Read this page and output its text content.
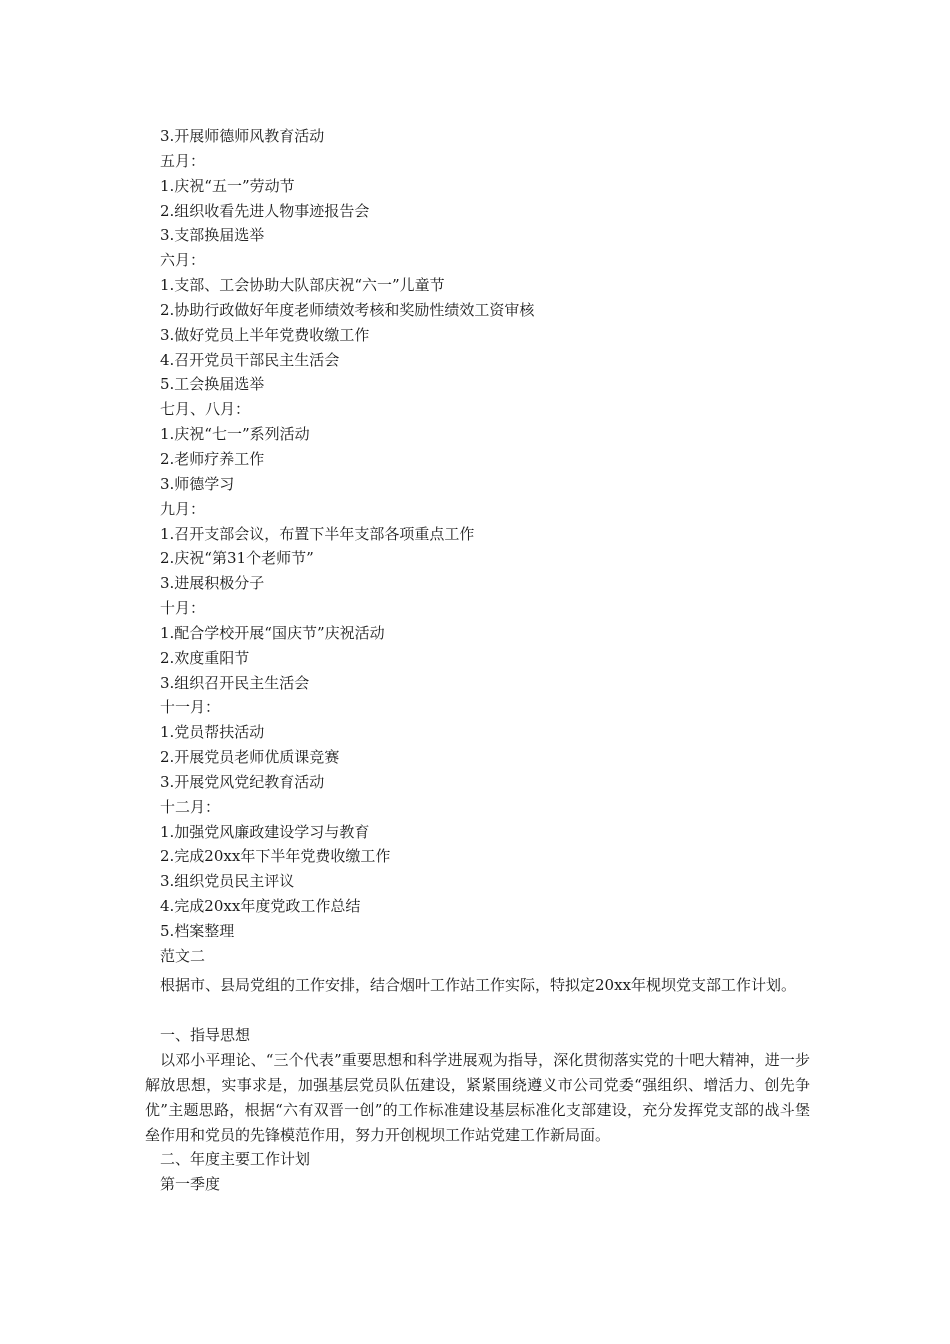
3.开展师德师风教育活动

五月：

1.庆祝“五一”劳动节

2.组织收看先进人物事迹报告会

3.支部换届选举

六月：

1.支部、工会协助大队部庆祝“六一”儿童节

2.协助行政做好年度老师绩效考核和奖励性绩效工资审核

3.做好党员上半年党费收缴工作

4.召开党员干部民主生活会

5.工会换届选举

七月、八月：

1.庆祝“七一”系列活动

2.老师疗养工作

3.师德学习

九月：

1.召开支部会议，布置下半年支部各项重点工作

2.庆祝“第31个老师节”

3.进展积极分子

十月：

1.配合学校开展“国庆节”庆祝活动

2.欢度重阳节

3.组织召开民主生活会

十一月：

1.党员帮扶活动

2.开展党员老师优质课竞赛

3.开展党风党纪教育活动

十二月：

1.加强党风廉政建设学习与教育

2.完成20xx年下半年党费收缴工作

3.组织党员民主评议

4.完成20xx年度党政工作总结

5.档案整理

范文二

根据市、县局党组的工作安排，结合烟叶工作站工作实际，特拟定20xx年枧坝党支部工作计划。

一、指导思想

以邓小平理论、“三个代表”重要思想和科学进展观为指导，深化贯彻落实党的十吧大精神，进一步解放思想，实事求是，加强基层党员队伍建设，紧紧围绕遵义市公司党委“强组织、增活力、创先争优”主题思路，根据“六有双晋一创”的工作标准建设基层标准化支部建设，充分发挥党支部的战斗堡垒作用和党员的先锋模范作用，努力开创枧坝工作站党建工作新局面。

二、年度主要工作计划

第一季度
